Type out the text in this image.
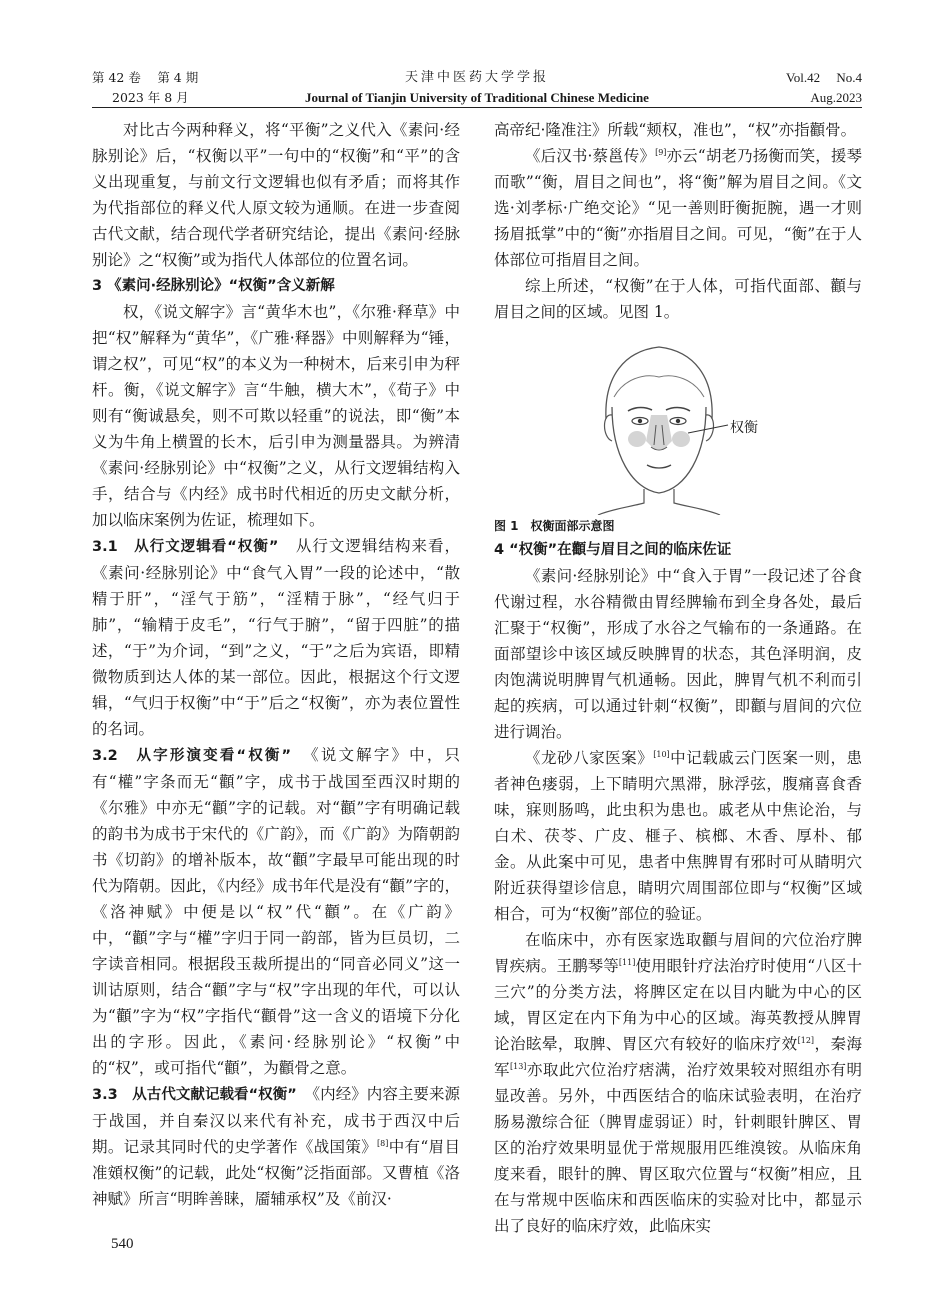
第 42 卷　 第 4 期
2023 年 8 月
天津中医药大学学报
Journal of Tianjin University of Traditional Chinese Medicine
Vol.42　 No.4
Aug.2023

对比古今两种释义，将“平衡”之义代入《素问·经脉别论》后，“权衡以平”一句中的“权衡”和“平”的含义出现重复，与前文行文逻辑也似有矛盾；而将其作为代指部位的释义代人原文较为通顺。在进一步查阅古代文献，结合现代学者研究结论，提出《素问·经脉别论》之“权衡”或为指代人体部位的位置名词。

3 《素问·经脉别论》“权衡”含义新解

权，《说文解字》言“黄华木也”，《尔雅·释草》中把“权”解释为“黄华”，《广雅·释器》中则解释为“锤，谓之权”，可见“权”的本义为一种树木，后来引申为秤杆。衡，《说文解字》言“牛触，横大木”，《荀子》中则有“衡诚悬矣，则不可欺以轻重”的说法，即“衡”本义为牛角上横置的长木，后引申为测量器具。为辨清《素问·经脉别论》中“权衡”之义，从行文逻辑结构入手，结合与《内经》成书时代相近的历史文献分析，加以临床案例为佐证，梳理如下。

3.1　从行文逻辑看“权衡”　 从行文逻辑结构来看，《素问·经脉别论》中“食气入胃”一段的论述中，“散精于肝”，“淫气于筋”，“淫精于脉”，“经气归于肺”，“输精于皮毛”，“行气于腑”，“留于四脏”的描述，“于”为介词，“到”之义，“于”之后为宾语，即精微物质到达人体的某一部位。因此，根据这个行文逻辑，“气归于权衡”中“于”后之“权衡”，亦为表位置性的名词。

3.2　从字形演变看“权衡”　 《说文解字》中，只有“權”字条而无“顴”字，成书于战国至西汉时期的《尔雅》中亦无“顴”字的记载。对“顴”字有明确记载的韵书为成书于宋代的《广韵》，而《广韵》为隋朝韵书《切韵》的增补版本，故“顴”字最早可能出现的时代为隋朝。因此，《内经》成书年代是没有“顴”字的，《洛神赋》中便是以“权”代“顴”。在《广韵》中，“顴”字与“權”字归于同一韵部，皆为巨员切，二字读音相同。根据段玉裁所提出的“同音必同义”这一训诂原则，结合“顴”字与“权”字出现的年代，可以认为“顴”字为“权”字指代“顴骨”这一含义的语境下分化出的字形。因此，《素问·经脉别论》“权衡”中的“权”，或可指代“顴”，为顴骨之意。

3.3　从古代文献记载看“权衡”　 《内经》内容主要来源于战国，并自秦汉以来代有补充，成书于西汉中后期。记录其同时代的史学著作《战国策》[8]中有“眉目准頞权衡”的记载，此处“权衡”泛指面部。又曹植《洛神赋》所言“明眸善睐，靥辅承权”及《前汉·

高帝纪·隆准注》所载“颊权，准也”，“权”亦指顴骨。

《后汉书·蔡邕传》[9]亦云“胡老乃扬衡而笑，援琴而歌”“衡，眉目之间也”，将“衡”解为眉目之间。《文选·刘孝标·广绝交论》“见一善则盱衡扼腕，遇一才则扬眉抵掌”中的“衡”亦指眉目之间。可见，“衡”在于人体部位可指眉目之间。

综上所述，“权衡”在于人体，可指代面部、顴与眉目之间的区域。见图 1。

权衡

图 1　权衡面部示意图

4 “权衡”在顴与眉目之间的临床佐证

《素问·经脉别论》中“食入于胃”一段记述了谷食代谢过程，水谷精微由胃经脾输布到全身各处，最后汇聚于“权衡”，形成了水谷之气输布的一条通路。在面部望诊中该区域反映脾胃的状态，其色泽明润，皮肉饱满说明脾胃气机通畅。因此，脾胃气机不利而引起的疾病，可以通过针刺“权衡”，即顴与眉间的穴位进行调治。

《龙砂八家医案》[10]中记载戚云门医案一则，患者神色瘘弱，上下睛明穴黑滞，脉浮弦，腹痛喜食香味，寐则肠鸣，此虫积为患也。戚老从中焦论治，与白术、茯苓、广皮、榧子、槟榔、木香、厚朴、郁金。从此案中可见，患者中焦脾胃有邪时可从睛明穴附近获得望诊信息，睛明穴周围部位即与“权衡”区域相合，可为“权衡”部位的验证。

在临床中，亦有医家选取顴与眉间的穴位治疗脾胃疾病。王鹏琴等[11]使用眼针疗法治疗时使用“八区十三穴”的分类方法，将脾区定在以目内眦为中心的区域，胃区定在内下角为中心的区域。海英教授从脾胃论治眩晕，取脾、胃区穴有较好的临床疗效[12]，秦海军[13]亦取此穴位治疗痞满，治疗效果较对照组亦有明显改善。另外，中西医结合的临床试验表明，在治疗肠易激综合征（脾胃虚弱证）时，针刺眼针脾区、胃区的治疗效果明显优于常规服用匹维溴铵。从临床角度来看，眼针的脾、胃区取穴位置与“权衡”相应，且在与常规中医临床和西医临床的实验对比中，都显示出了良好的临床疗效，此临床实

540
